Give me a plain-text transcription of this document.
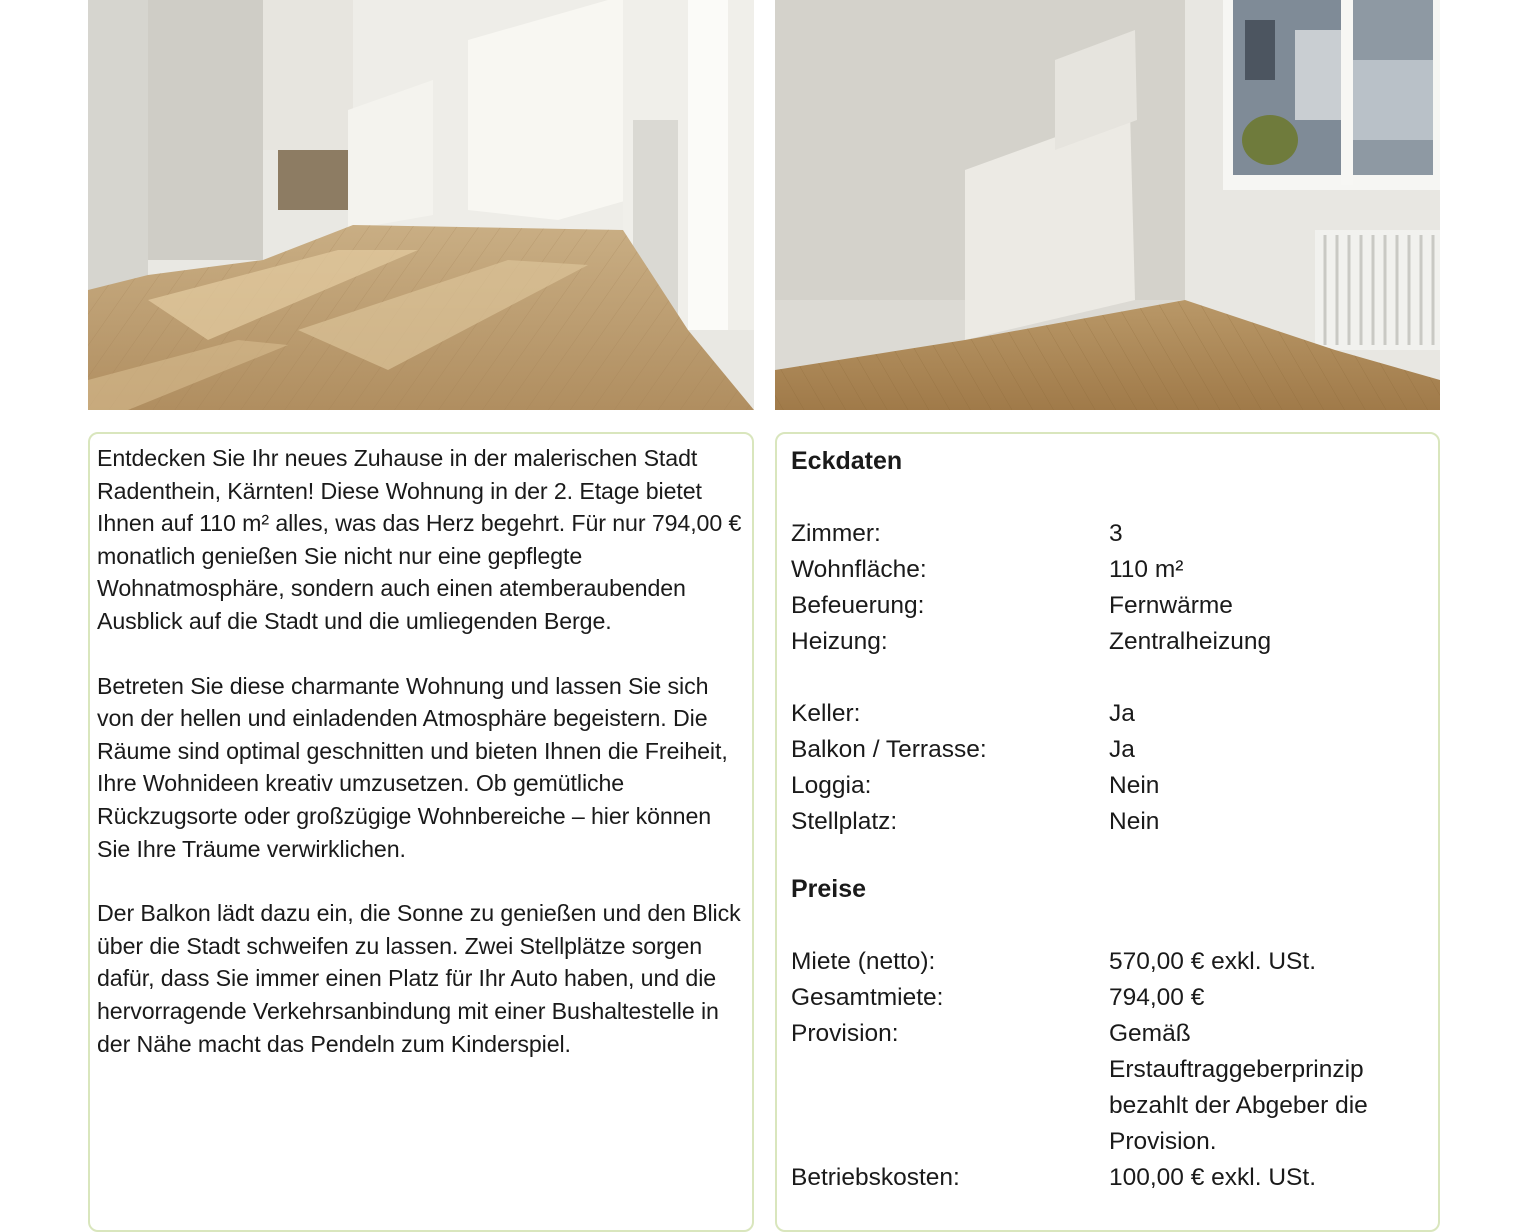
Entdecken Sie Ihr neues Zuhause in der malerischen Stadt Radenthein, Kärnten! Diese Wohnung in der 2. Etage bietet Ihnen auf 110 m² alles, was das Herz begehrt. Für nur 794,00 € monatlich genießen Sie nicht nur eine gepflegte Wohnatmosphäre, sondern auch einen atemberaubenden Ausblick auf die Stadt und die umliegenden Berge.

Betreten Sie diese charmante Wohnung und lassen Sie sich von der hellen und einladenden Atmosphäre begeistern. Die Räume sind optimal geschnitten und bieten Ihnen die Freiheit, Ihre Wohnideen kreativ umzusetzen. Ob gemütliche Rückzugsorte oder großzügige Wohnbereiche – hier können Sie Ihre Träume verwirklichen.

Der Balkon lädt dazu ein, die Sonne zu genießen und den Blick über die Stadt schweifen zu lassen. Zwei Stellplätze sorgen dafür, dass Sie immer einen Platz für Ihr Auto haben, und die hervorragende Verkehrsanbindung mit einer Bushaltestelle in der Nähe macht das Pendeln zum Kinderspiel.

Eckdaten
Zimmer:	3
Wohnfläche:	110 m²
Befeuerung:	Fernwärme
Heizung:	Zentralheizung
Keller:	Ja
Balkon / Terrasse:	Ja
Loggia:	Nein
Stellplatz:	Nein
Preise
Miete (netto):	570,00 € exkl. USt.
Gesamtmiete:	794,00 €
Provision:	Gemäß Erstauftraggeberprinzip bezahlt der Abgeber die Provision.
Betriebskosten:	100,00 € exkl. USt.
